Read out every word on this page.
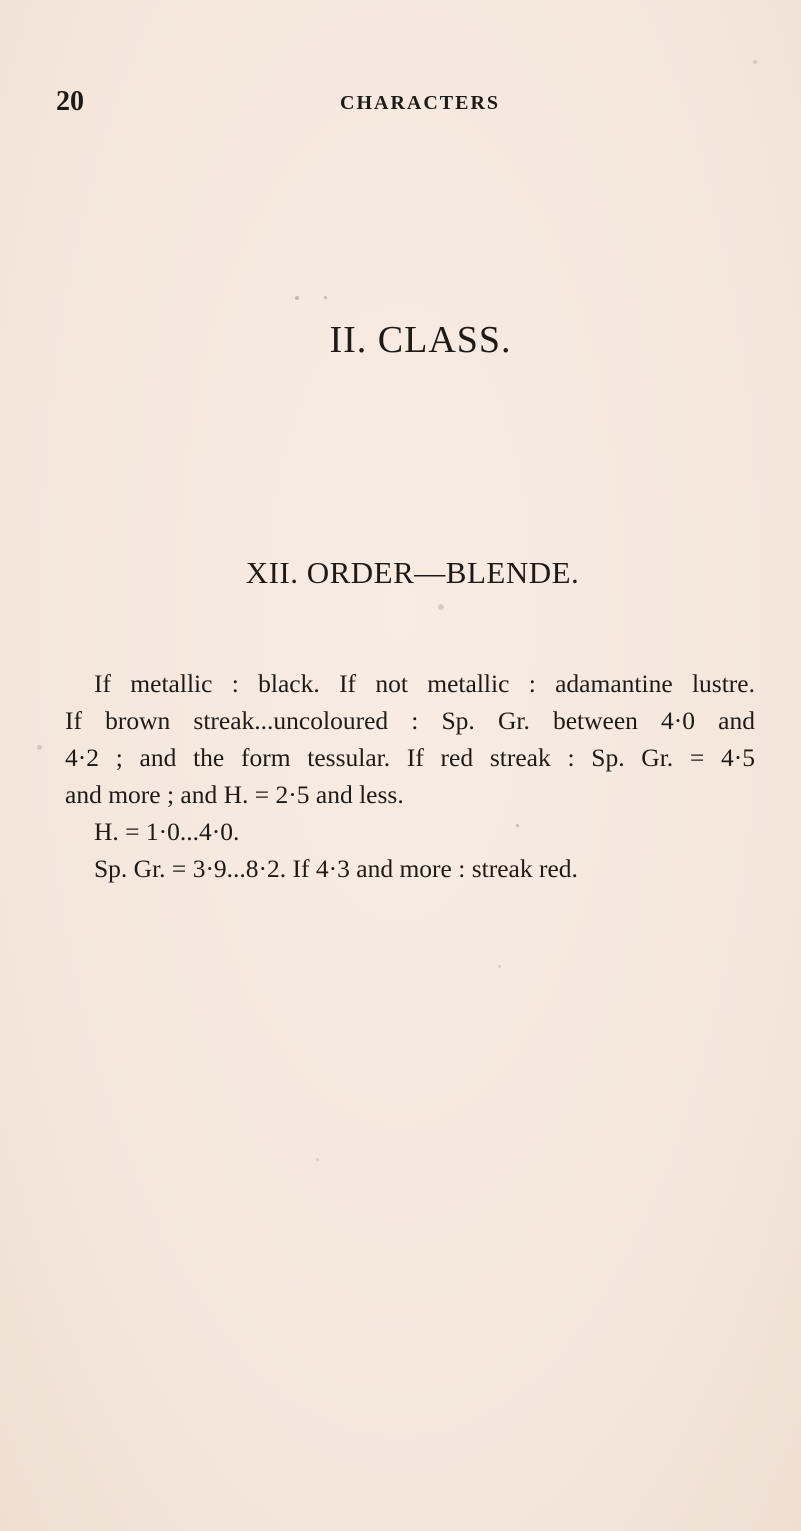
20	CHARACTERS
II. CLASS.
XII. ORDER—BLENDE.

If metallic : black. If not metallic : adamantine lustre.
If brown streak...uncoloured : Sp. Gr. between 4·0 and
4·2 ; and the form tessular. If red streak : Sp. Gr. = 4·5
and more ; and H. = 2·5 and less.

H. = 1·0...4·0.

Sp. Gr. = 3·9...8·2. If 4·3 and more : streak red.
